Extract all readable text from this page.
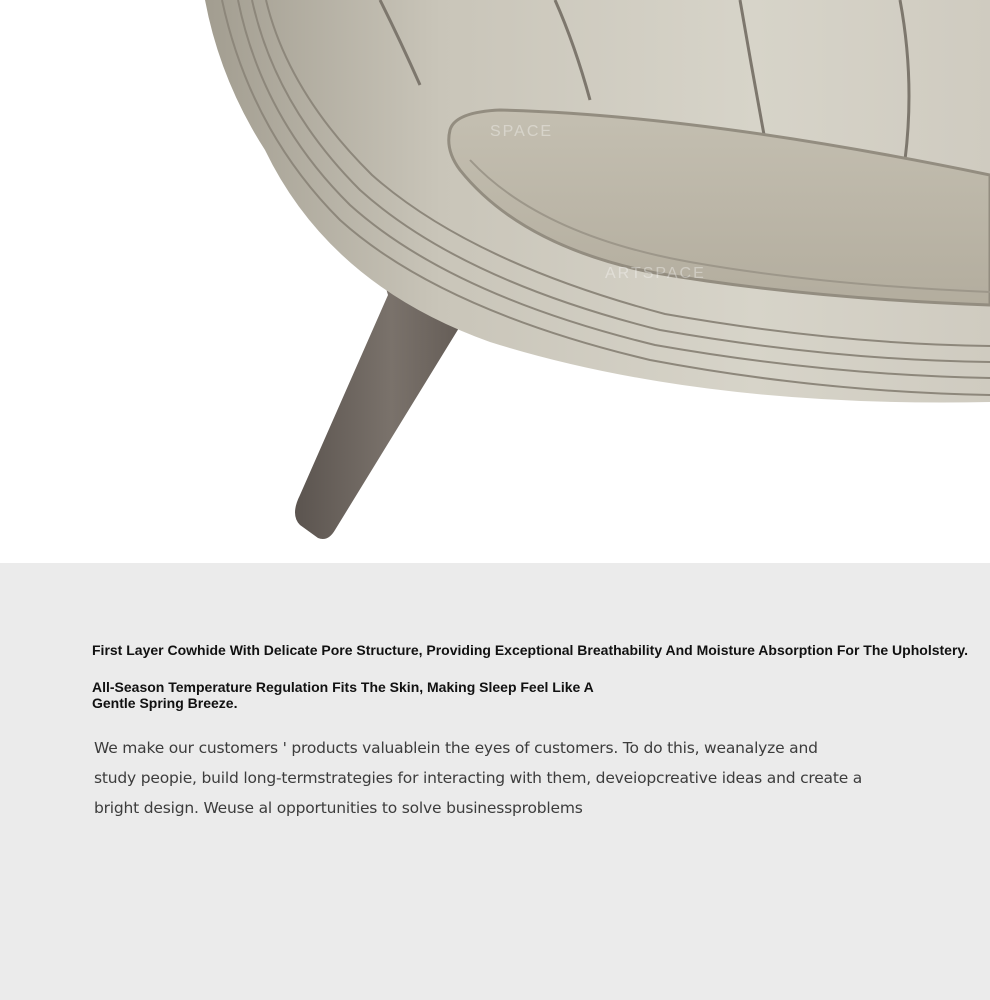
SPACE
ARTSPACE

First Layer Cowhide With Delicate Pore Structure, Providing Exceptional Breathability And Moisture Absorption For The Upholstery.

All-Season Temperature Regulation Fits The Skin, Making Sleep Feel Like A Gentle Spring Breeze.

We make our customers ' products valuablein the eyes of customers. To do this, weanalyze and study peopie, build long-termstrategies for interacting with them, deveiopcreative ideas and create a bright design. Weuse al opportunities to solve businessproblems
